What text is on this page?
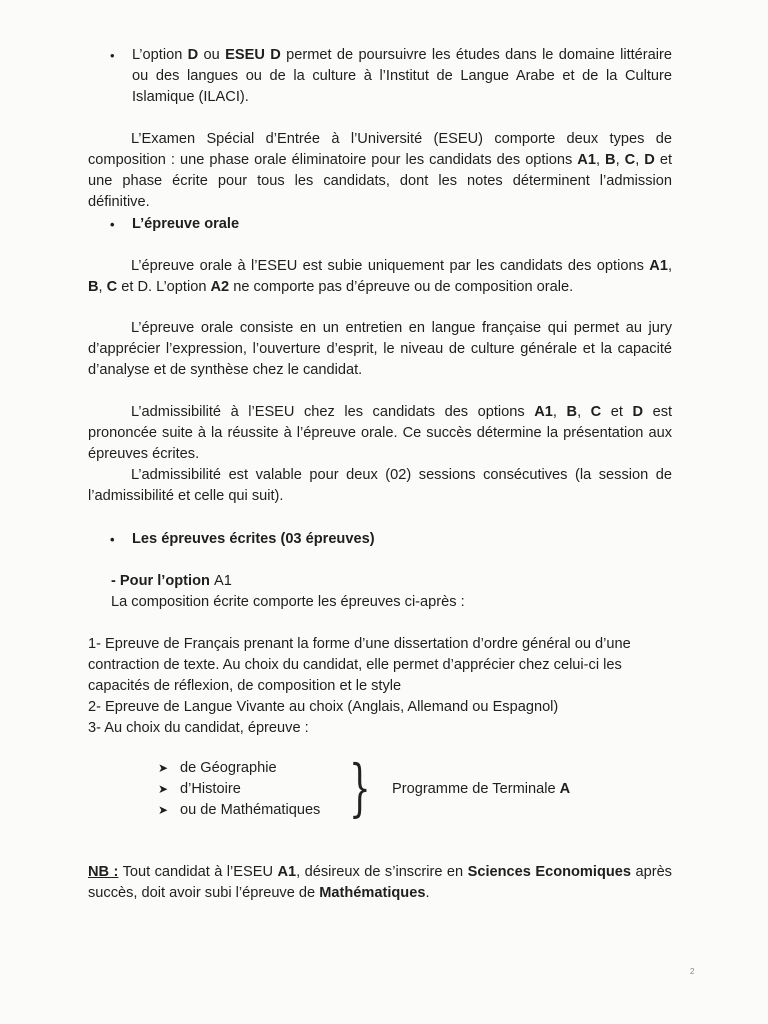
• L’option D ou ESEU D permet de poursuivre les études dans le domaine littéraire ou des langues ou de la culture à l’Institut de Langue Arabe et de la Culture Islamique (ILACI).
L’Examen Spécial d’Entrée à l’Université (ESEU) comporte deux types de composition : une phase orale éliminatoire pour les candidats des options A1, B, C, D et une phase écrite pour tous les candidats, dont les notes déterminent l’admission définitive.
• L’épreuve orale
L’épreuve orale à l’ESEU est subie uniquement par les candidats des options A1, B, C et D. L’option A2 ne comporte pas d’épreuve ou de composition orale.
L’épreuve orale consiste en un entretien en langue française qui permet au jury d’apprécier l’expression, l’ouverture d’esprit, le niveau de culture générale et la capacité d’analyse et de synthèse chez le candidat.
L’admissibilité à l’ESEU chez les candidats des options A1, B, C et D est prononcée suite à la réussite à l’épreuve orale. Ce succès détermine la présentation aux épreuves écrites.
L’admissibilité est valable pour deux (02) sessions consécutives (la session de l’admissibilité et celle qui suit).
• Les épreuves écrites (03 épreuves)
- Pour l’option A1
La composition écrite comporte les épreuves ci-après :
1- Epreuve de Français prenant la forme d’une dissertation d’ordre général ou d’une contraction de texte. Au choix du candidat, elle permet d’apprécier chez celui-ci les capacités de réflexion, de composition et le style
2- Epreuve de Langue Vivante au choix (Anglais, Allemand ou Espagnol)
3- Au choix du candidat, épreuve :
➤ de Géographie
➤ d’Histoire
➤ ou de Mathématiques } Programme de Terminale A
NB : Tout candidat à l’ESEU A1, désireux de s’inscrire en Sciences Economiques après succès, doit avoir subi l’épreuve de Mathématiques.
2
